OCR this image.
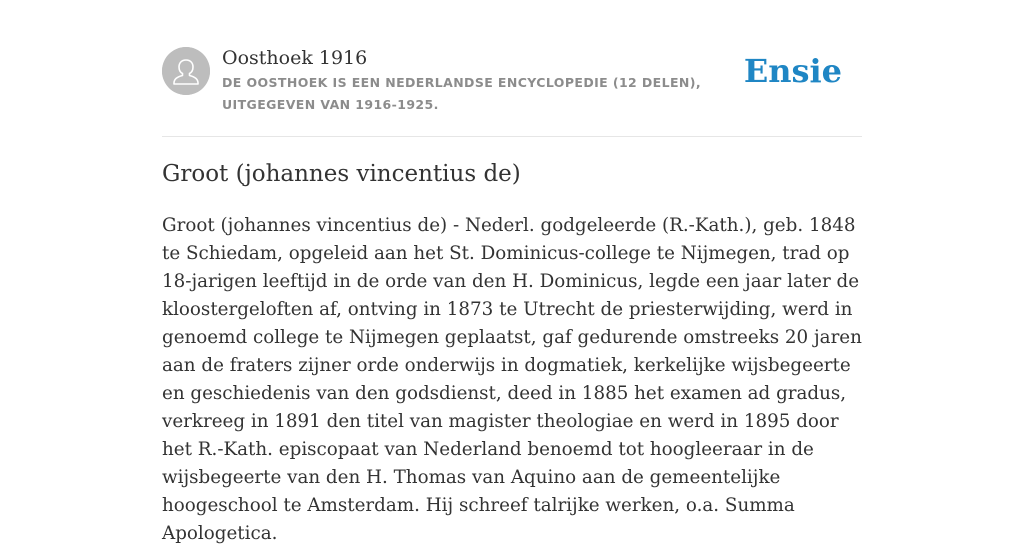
Oosthoek 1916
DE OOSTHOEK IS EEN NEDERLANDSE ENCYCLOPEDIE (12 DELEN), UITGEGEVEN VAN 1916-1925.
Ensie
Groot (johannes vincentius de)

Groot (johannes vincentius de) - Nederl. godgeleerde (R.-Kath.), geb. 1848 te Schiedam, opgeleid aan het St. Dominicus-college te Nijmegen, trad op 18-jarigen leeftijd in de orde van den H. Dominicus, legde een jaar later de kloostergeloften af, ontving in 1873 te Utrecht de priesterwijding, werd in genoemd college te Nijmegen geplaatst, gaf gedurende omstreeks 20 jaren aan de fraters zijner orde onderwijs in dogmatiek, kerkelijke wijsbegeerte en geschiedenis van den godsdienst, deed in 1885 het examen ad gradus, verkreeg in 1891 den titel van magister theologiae en werd in 1895 door het R.-Kath. episcopaat van Nederland benoemd tot hoogleeraar in de wijsbegeerte van den H. Thomas van Aquino aan de gemeentelijke hoogeschool te Amsterdam. Hij schreef talrijke werken, o.a. Summa Apologetica.
